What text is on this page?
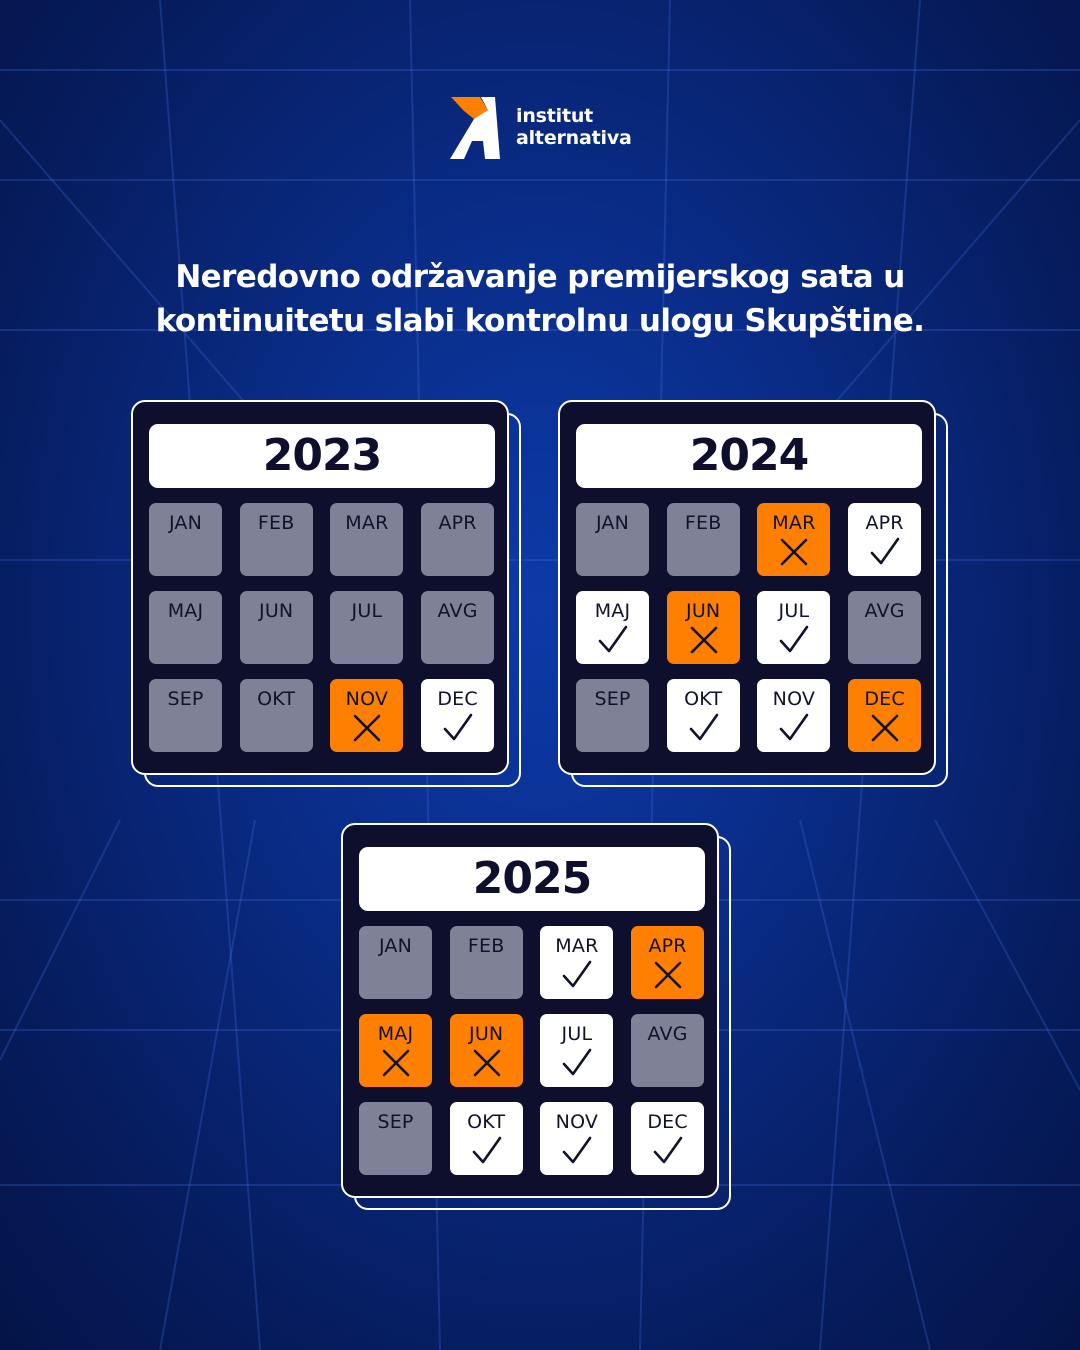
institut
alternativa
Neredovno održavanje premijerskog sata u
kontinuitetu slabi kontrolnu ulogu Skupštine.
2023
JAN	FEB	MAR	APR
MAJ	JUN	JUL	AVG
SEP	OKT	NOV	DEC
2024
JAN	FEB	MAR	APR
MAJ	JUN	JUL	AVG
SEP	OKT	NOV	DEC
2025
JAN	FEB	MAR	APR
MAJ	JUN	JUL	AVG
SEP	OKT	NOV	DEC
